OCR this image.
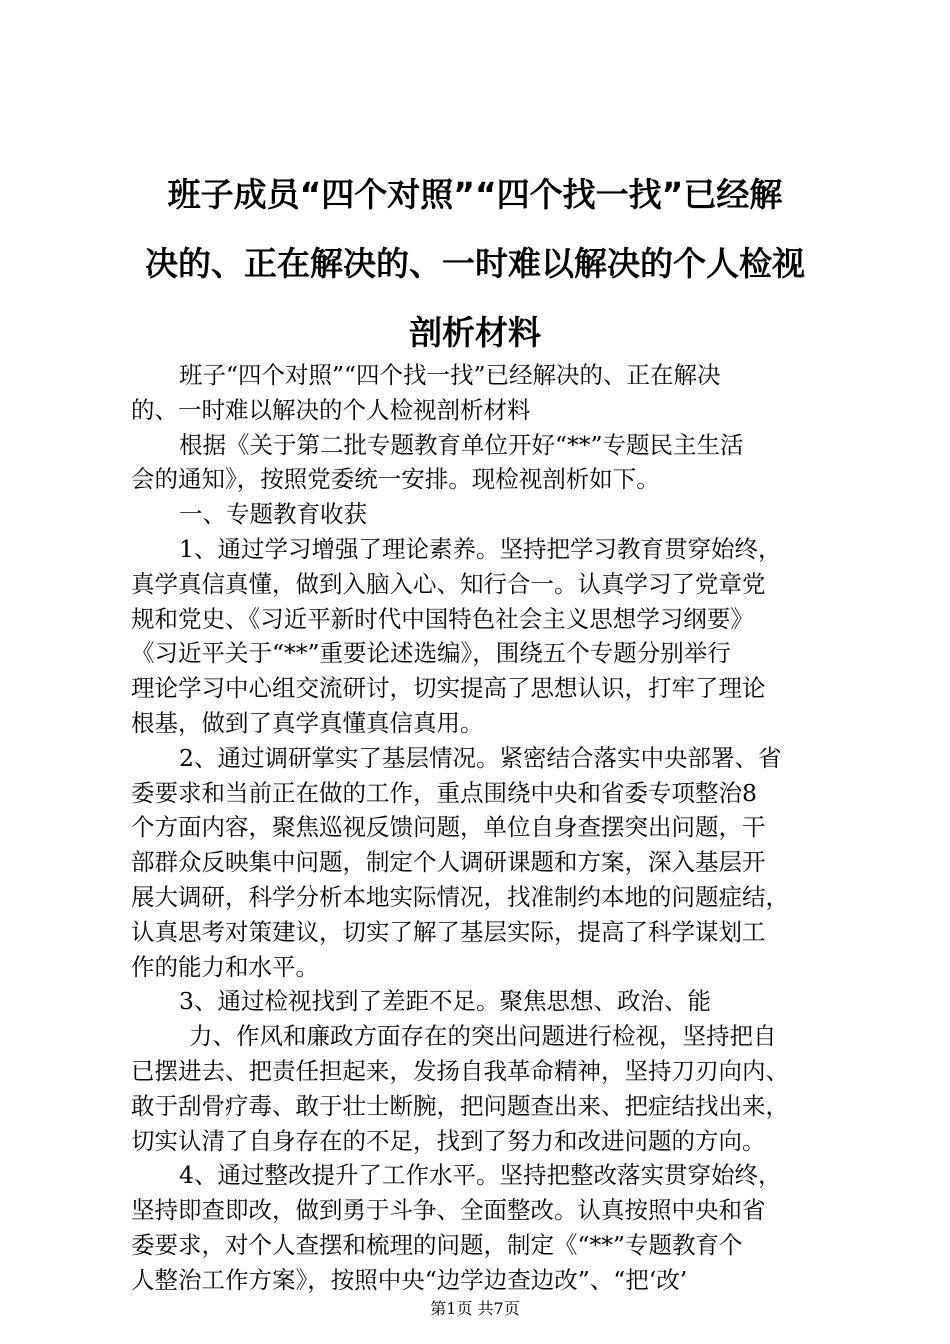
班子成员“四个对照”“四个找一找”已经解
决的、正在解决的、一时难以解决的个人检视
剖析材料
班子“四个对照”“四个找一找”已经解决的、正在解决
的、一时难以解决的个人检视剖析材料
根据《关于第二批专题教育单位开好“**”专题民主生活
会的通知》，按照党委统一安排。现检视剖析如下。
一、专题教育收获
1、通过学习增强了理论素养。坚持把学习教育贯穿始终，
真学真信真懂，做到入脑入心、知行合一。认真学习了党章党
规和党史、《习近平新时代中国特色社会主义思想学习纲要》
《习近平关于“**”重要论述选编》，围绕五个专题分别举行
理论学习中心组交流研讨，切实提高了思想认识，打牢了理论
根基，做到了真学真懂真信真用。
2、通过调研掌实了基层情况。紧密结合落实中央部署、省
委要求和当前正在做的工作，重点围绕中央和省委专项整治8
个方面内容，聚焦巡视反馈问题，单位自身查摆突出问题，干
部群众反映集中问题，制定个人调研课题和方案，深入基层开
展大调研，科学分析本地实际情况，找准制约本地的问题症结，
认真思考对策建议，切实了解了基层实际，提高了科学谋划工
作的能力和水平。
3、通过检视找到了差距不足。聚焦思想、政治、能
力、作风和廉政方面存在的突出问题进行检视，坚持把自
已摆进去、把责任担起来，发扬自我革命精神，坚持刀刃向内、
敢于刮骨疗毒、敢于壮士断腕，把问题查出来、把症结找出来，
切实认清了自身存在的不足，找到了努力和改进问题的方向。
4、通过整改提升了工作水平。坚持把整改落实贯穿始终，
坚持即查即改，做到勇于斗争、全面整改。认真按照中央和省
委要求，对个人查摆和梳理的问题，制定《“**”专题教育个
人整治工作方案》，按照中央“边学边查边改”、“把‘改’
第1页 共7页
